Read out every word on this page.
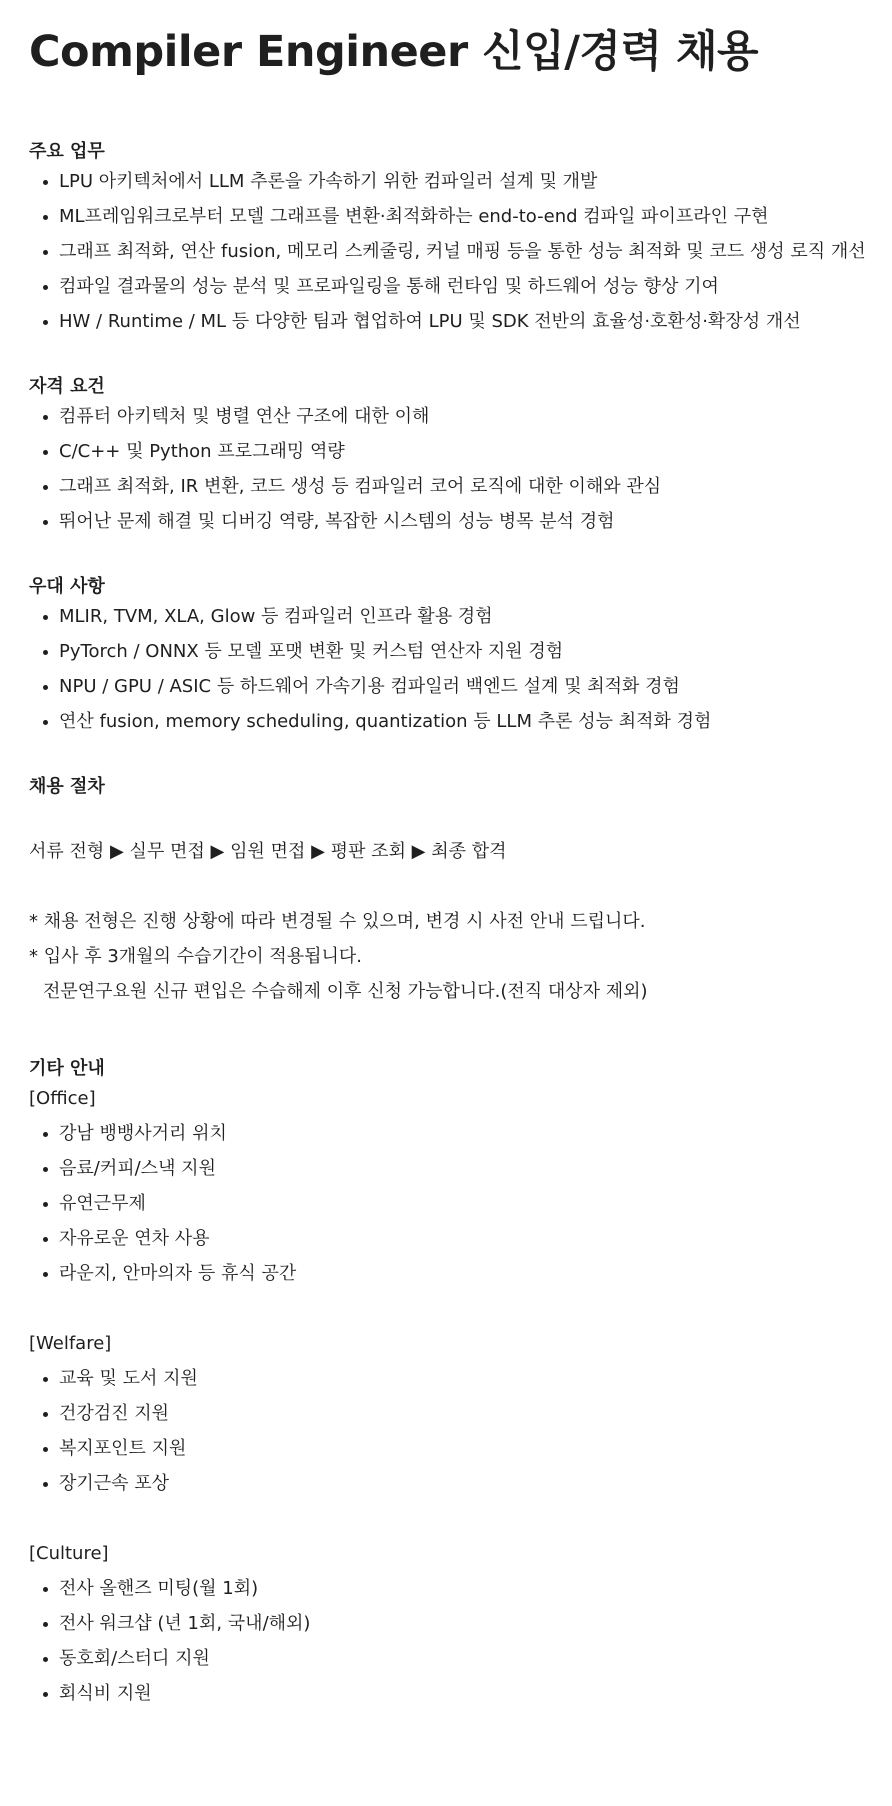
Compiler Engineer 신입/경력 채용
주요 업무
LPU 아키텍처에서 LLM 추론을 가속하기 위한 컴파일러 설계 및 개발
ML프레임워크로부터 모델 그래프를 변환·최적화하는 end-to-end 컴파일 파이프라인 구현
그래프 최적화, 연산 fusion, 메모리 스케줄링, 커널 매핑 등을 통한 성능 최적화 및 코드 생성 로직 개선
컴파일 결과물의 성능 분석 및 프로파일링을 통해 런타임 및 하드웨어 성능 향상 기여
HW / Runtime / ML 등 다양한 팀과 협업하여 LPU 및 SDK 전반의 효율성·호환성·확장성 개선
자격 요건
컴퓨터 아키텍처 및 병렬 연산 구조에 대한 이해
C/C++ 및 Python 프로그래밍 역량
그래프 최적화, IR 변환, 코드 생성 등 컴파일러 코어 로직에 대한 이해와 관심
뛰어난 문제 해결 및 디버깅 역량, 복잡한 시스템의 성능 병목 분석 경험
우대 사항
MLIR, TVM, XLA, Glow 등 컴파일러 인프라 활용 경험
PyTorch / ONNX 등 모델 포맷 변환 및 커스텀 연산자 지원 경험
NPU / GPU / ASIC 등 하드웨어 가속기용 컴파일러 백엔드 설계 및 최적화 경험
연산 fusion, memory scheduling, quantization 등 LLM 추론 성능 최적화 경험
채용 절차

서류 전형 ▶ 실무 면접 ▶ 임원 면접 ▶ 평판 조회 ▶ 최종 합격

* 채용 전형은 진행 상황에 따라 변경될 수 있으며, 변경 시 사전 안내 드립니다.

* 입사 후 3개월의 수습기간이 적용됩니다.

전문연구요원 신규 편입은 수습해제 이후 신청 가능합니다.(전직 대상자 제외)

기타 안내

[Office]

강남 뱅뱅사거리 위치
음료/커피/스낵 지원
유연근무제
자유로운 연차 사용
라운지, 안마의자 등 휴식 공간

[Welfare]

교육 및 도서 지원
건강검진 지원
복지포인트 지원
장기근속 포상

[Culture]

전사 올핸즈 미팅(월 1회)
전사 워크샵 (년 1회, 국내/해외)
동호회/스터디 지원
회식비 지원
